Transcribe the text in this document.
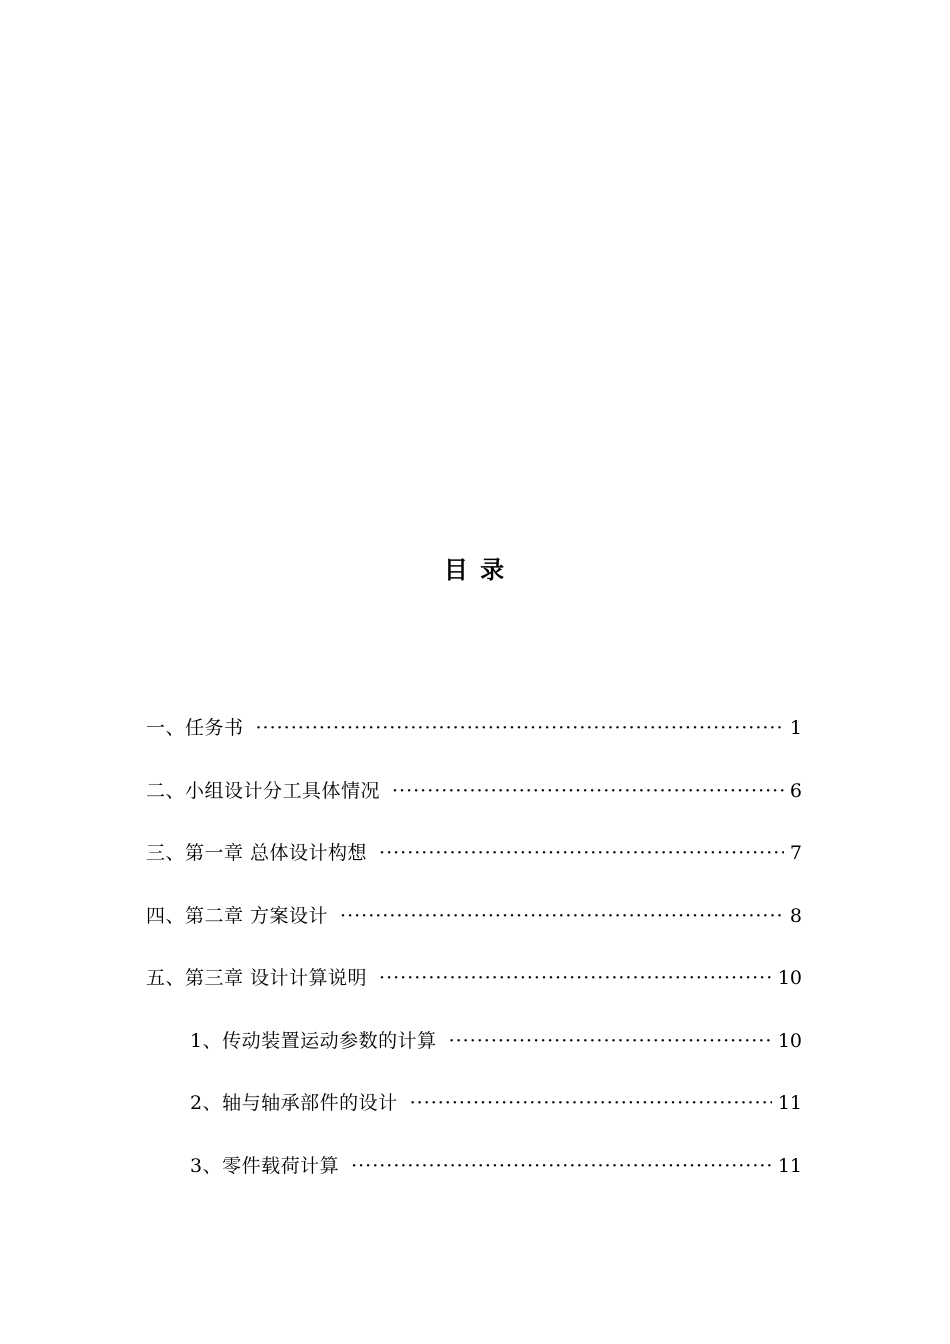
目 录
一、任务书 ·····	1
二、小组设计分工具体情况 ·····	6
三、第一章 总体设计构想 ·····	7
四、第二章 方案设计 ·····	8
五、第三章 设计计算说明 ·····	10
1、传动装置运动参数的计算 ·····	10
2、轴与轴承部件的设计 ·····	11
3、零件载荷计算 ·····	11
